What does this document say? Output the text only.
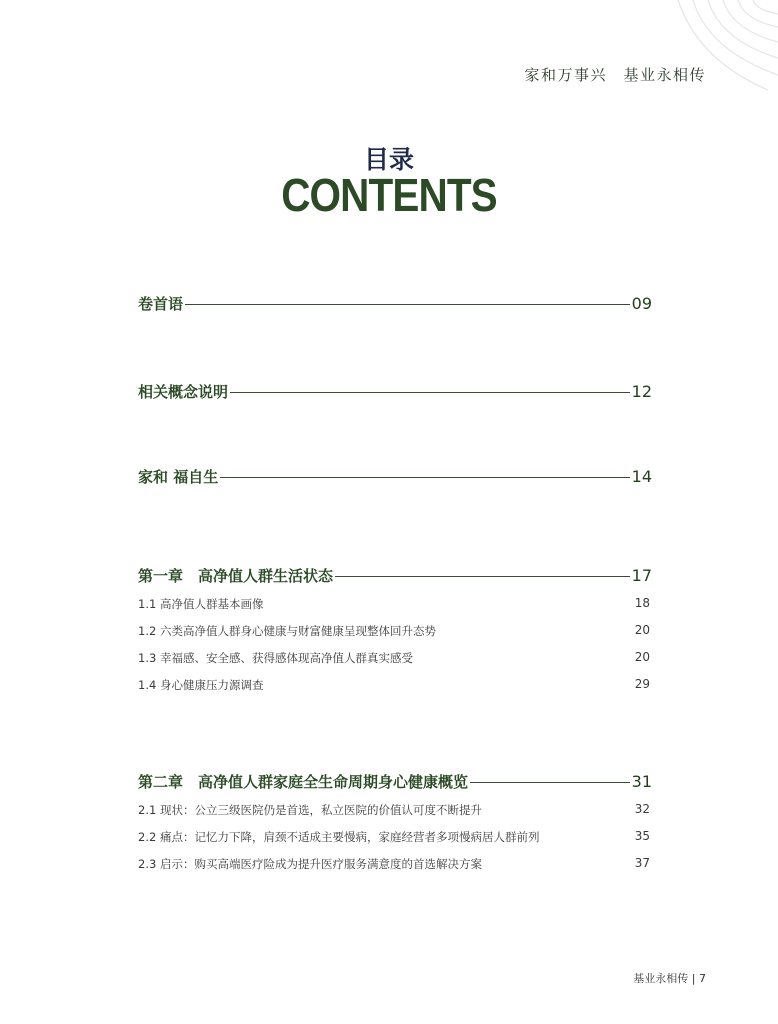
家和万事兴　基业永相传
目录
CONTENTS
卷首语	09
相关概念说明	12
家和 福自生	14
第一章　高净值人群生活状态	17
1.1 高净值人群基本画像	18
1.2 六类高净值人群身心健康与财富健康呈现整体回升态势	20
1.3 幸福感、安全感、获得感体现高净值人群真实感受	20
1.4 身心健康压力源调查	29
第二章　高净值人群家庭全生命周期身心健康概览	31
2.1 现状：公立三级医院仍是首选，私立医院的价值认可度不断提升	32
2.2 痛点：记忆力下降，肩颈不适成主要慢病，家庭经营者多项慢病居人群前列	35
2.3 启示：购买高端医疗险成为提升医疗服务满意度的首选解决方案	37
基业永相传 | 7
